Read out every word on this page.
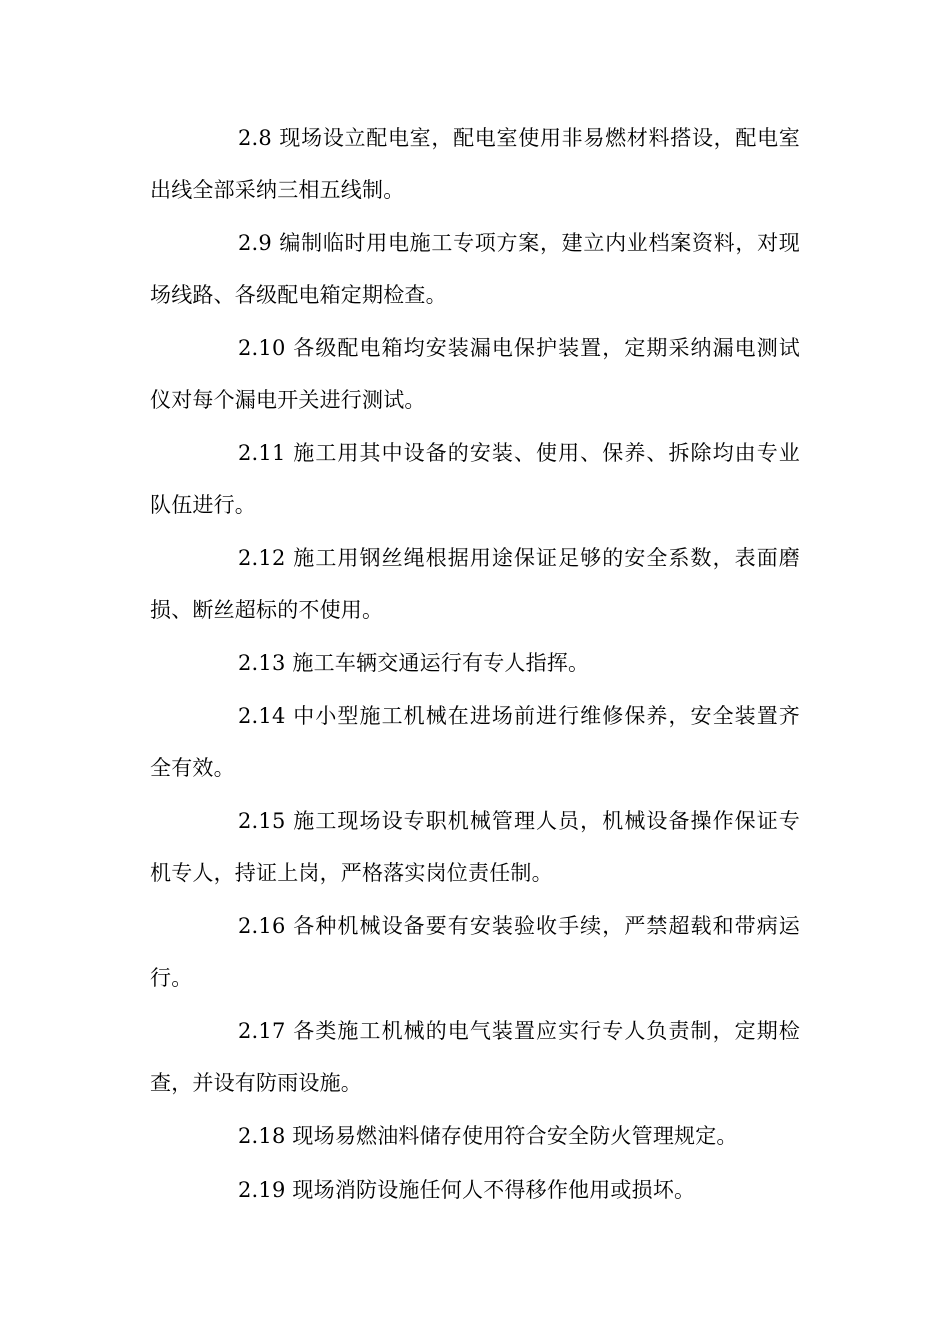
2.8 现场设立配电室，配电室使用非易燃材料搭设，配电室出线全部采纳三相五线制。

2.9 编制临时用电施工专项方案，建立内业档案资料，对现场线路、各级配电箱定期检查。

2.10 各级配电箱均安装漏电保护装置，定期采纳漏电测试仪对每个漏电开关进行测试。

2.11 施工用其中设备的安装、使用、保养、拆除均由专业队伍进行。

2.12 施工用钢丝绳根据用途保证足够的安全系数，表面磨损、断丝超标的不使用。

2.13 施工车辆交通运行有专人指挥。

2.14 中小型施工机械在进场前进行维修保养，安全装置齐全有效。

2.15 施工现场设专职机械管理人员，机械设备操作保证专机专人，持证上岗，严格落实岗位责任制。

2.16 各种机械设备要有安装验收手续，严禁超载和带病运行。

2.17 各类施工机械的电气装置应实行专人负责制，定期检查，并设有防雨设施。

2.18 现场易燃油料储存使用符合安全防火管理规定。

2.19 现场消防设施任何人不得移作他用或损坏。
